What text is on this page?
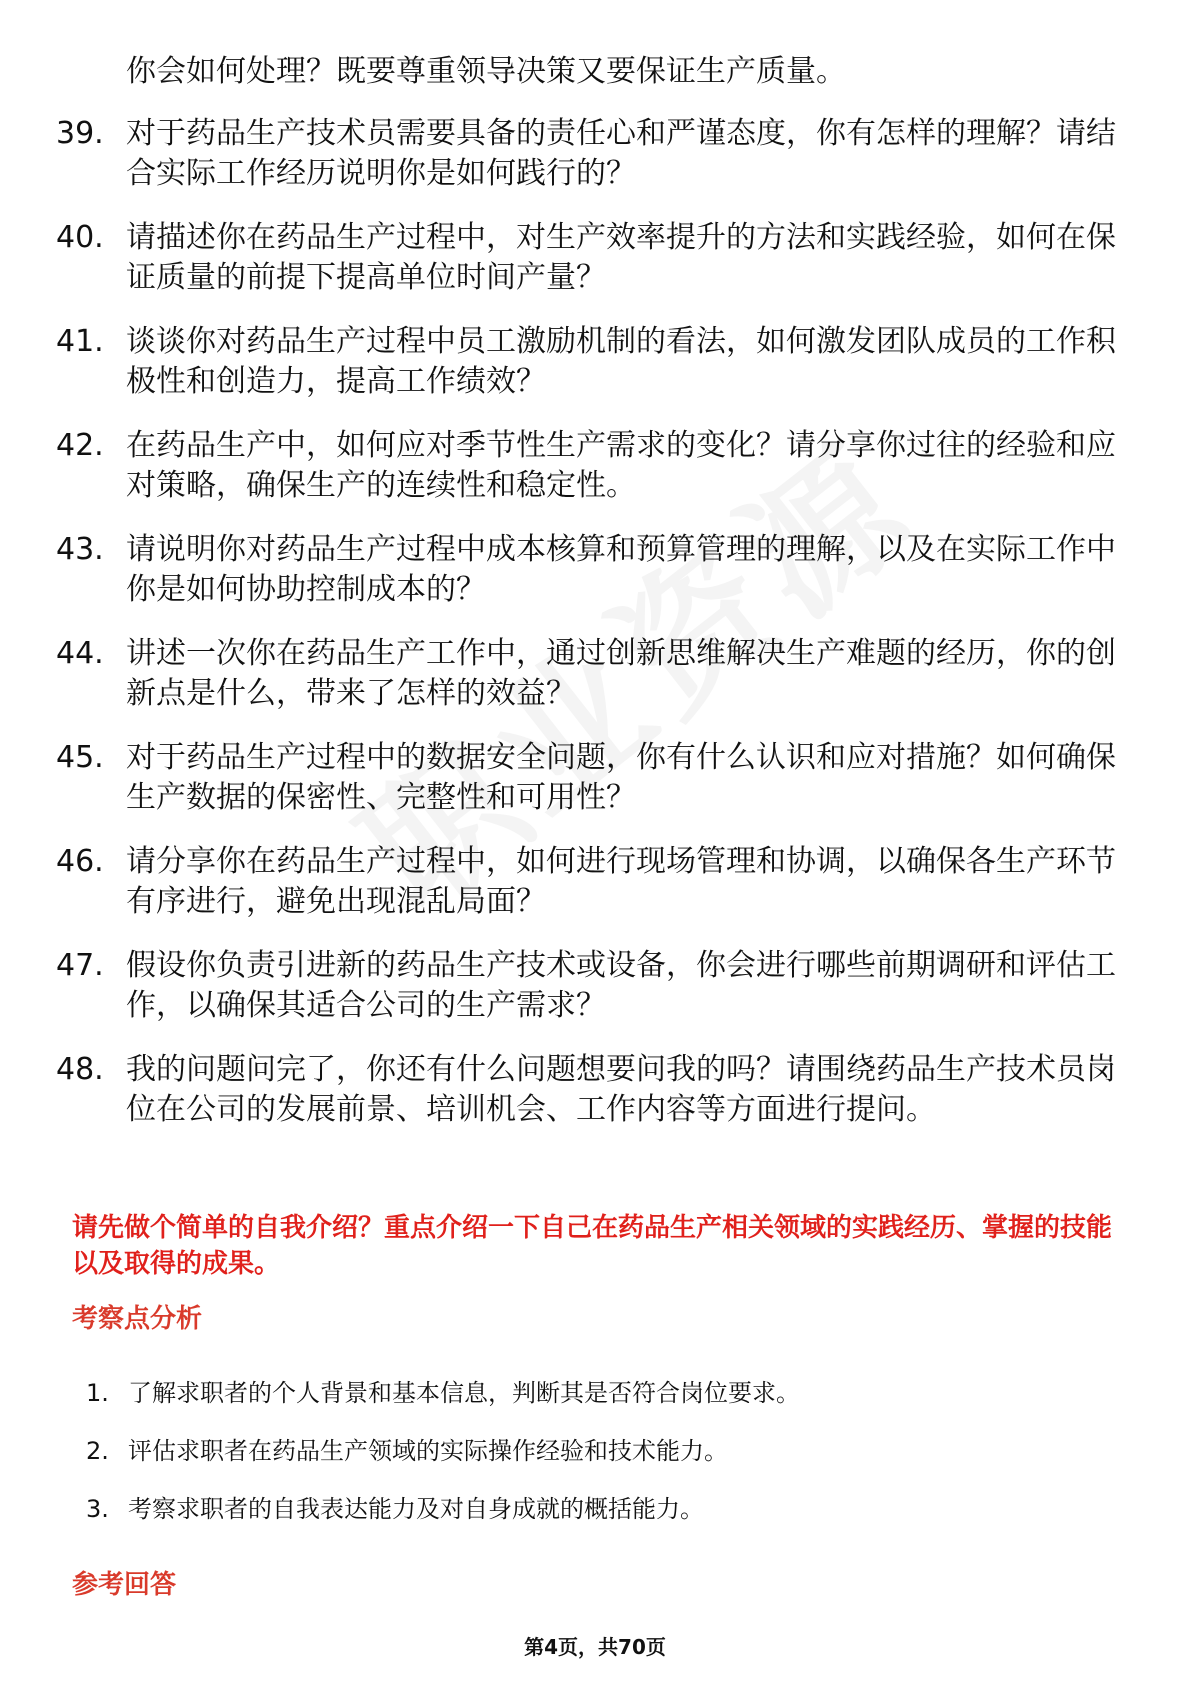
你会如何处理？既要尊重领导决策又要保证生产质量。
39. 对于药品生产技术员需要具备的责任心和严谨态度，你有怎样的理解？请结合实际工作经历说明你是如何践行的？
40. 请描述你在药品生产过程中，对生产效率提升的方法和实践经验，如何在保证质量的前提下提高单位时间产量？
41. 谈谈你对药品生产过程中员工激励机制的看法，如何激发团队成员的工作积极性和创造力，提高工作绩效？
42. 在药品生产中，如何应对季节性生产需求的变化？请分享你过往的经验和应对策略，确保生产的连续性和稳定性。
43. 请说明你对药品生产过程中成本核算和预算管理的理解，以及在实际工作中你是如何协助控制成本的？
44. 讲述一次你在药品生产工作中，通过创新思维解决生产难题的经历，你的创新点是什么，带来了怎样的效益？
45. 对于药品生产过程中的数据安全问题，你有什么认识和应对措施？如何确保生产数据的保密性、完整性和可用性？
46. 请分享你在药品生产过程中，如何进行现场管理和协调，以确保各生产环节有序进行，避免出现混乱局面？
47. 假设你负责引进新的药品生产技术或设备，你会进行哪些前期调研和评估工作，以确保其适合公司的生产需求？
48. 我的问题问完了，你还有什么问题想要问我的吗？请围绕药品生产技术员岗位在公司的发展前景、培训机会、工作内容等方面进行提问。
请先做个简单的自我介绍？重点介绍一下自己在药品生产相关领域的实践经历、掌握的技能以及取得的成果。
考察点分析
1. 了解求职者的个人背景和基本信息，判断其是否符合岗位要求。
2. 评估求职者在药品生产领域的实际操作经验和技术能力。
3. 考察求职者的自我表达能力及对自身成就的概括能力。
参考回答
第4页，共70页
